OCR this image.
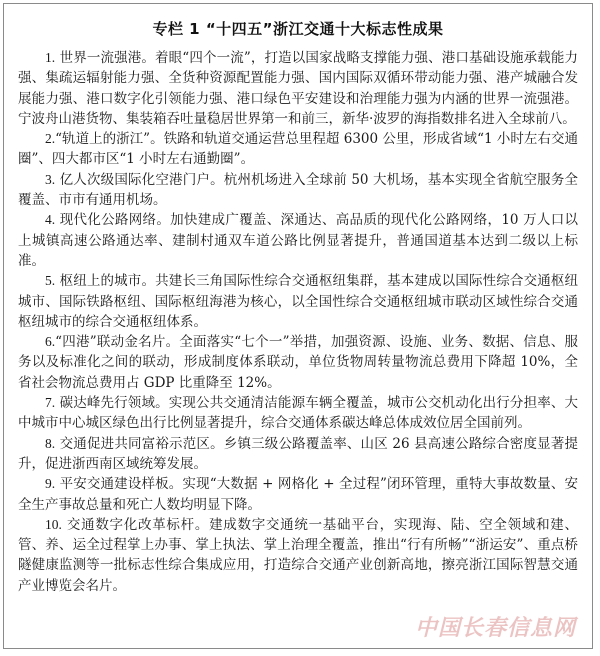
专栏 1 “十四五”浙江交通十大标志性成果

1. 世界一流强港。着眼“四个一流”，打造以国家战略支撑能力强、港口基础设施承载能力强、集疏运辐射能力强、全货种资源配置能力强、国内国际双循环带动能力强、港产城融合发展能力强、港口数字化引领能力强、港口绿色平安建设和治理能力强为内涵的世界一流强港。宁波舟山港货物、集装箱吞吐量稳居世界第一和前三，新华·波罗的海指数排名进入全球前八。

2.“轨道上的浙江”。铁路和轨道交通运营总里程超 6300 公里，形成省域“1 小时左右交通圈”、四大都市区“1 小时左右通勤圈”。

3. 亿人次级国际化空港门户。杭州机场进入全球前 50 大机场，基本实现全省航空服务全覆盖、市市有通用机场。

4. 现代化公路网络。加快建成广覆盖、深通达、高品质的现代化公路网络，10 万人口以上城镇高速公路通达率、建制村通双车道公路比例显著提升，普通国道基本达到二级以上标准。

5. 枢纽上的城市。共建长三角国际性综合交通枢纽集群，基本建成以国际性综合交通枢纽城市、国际铁路枢纽、国际枢纽海港为核心，以全国性综合交通枢纽城市联动区域性综合交通枢纽城市的综合交通枢纽体系。

6.“四港”联动金名片。全面落实“七个一”举措，加强资源、设施、业务、数据、信息、服务以及标准化之间的联动，形成制度体系联动，单位货物周转量物流总费用下降超 10%，全省社会物流总费用占 GDP 比重降至 12%。

7. 碳达峰先行领域。实现公共交通清洁能源车辆全覆盖，城市公交机动化出行分担率、大中城市中心城区绿色出行比例显著提升，综合交通体系碳达峰总体成效位居全国前列。

8. 交通促进共同富裕示范区。乡镇三级公路覆盖率、山区 26 县高速公路综合密度显著提升，促进浙西南区域统筹发展。

9. 平安交通建设样板。实现“大数据 + 网格化 + 全过程”闭环管理，重特大事故数量、安全生产事故总量和死亡人数均明显下降。

10. 交通数字化改革标杆。建成数字交通统一基础平台，实现海、陆、空全领域和建、管、养、运全过程掌上办事、掌上执法、掌上治理全覆盖，推出“行有所畅”“浙运安”、重点桥隧健康监测等一批标志性综合集成应用，打造综合交通产业创新高地，擦亮浙江国际智慧交通产业博览会名片。

中国长春信息网
